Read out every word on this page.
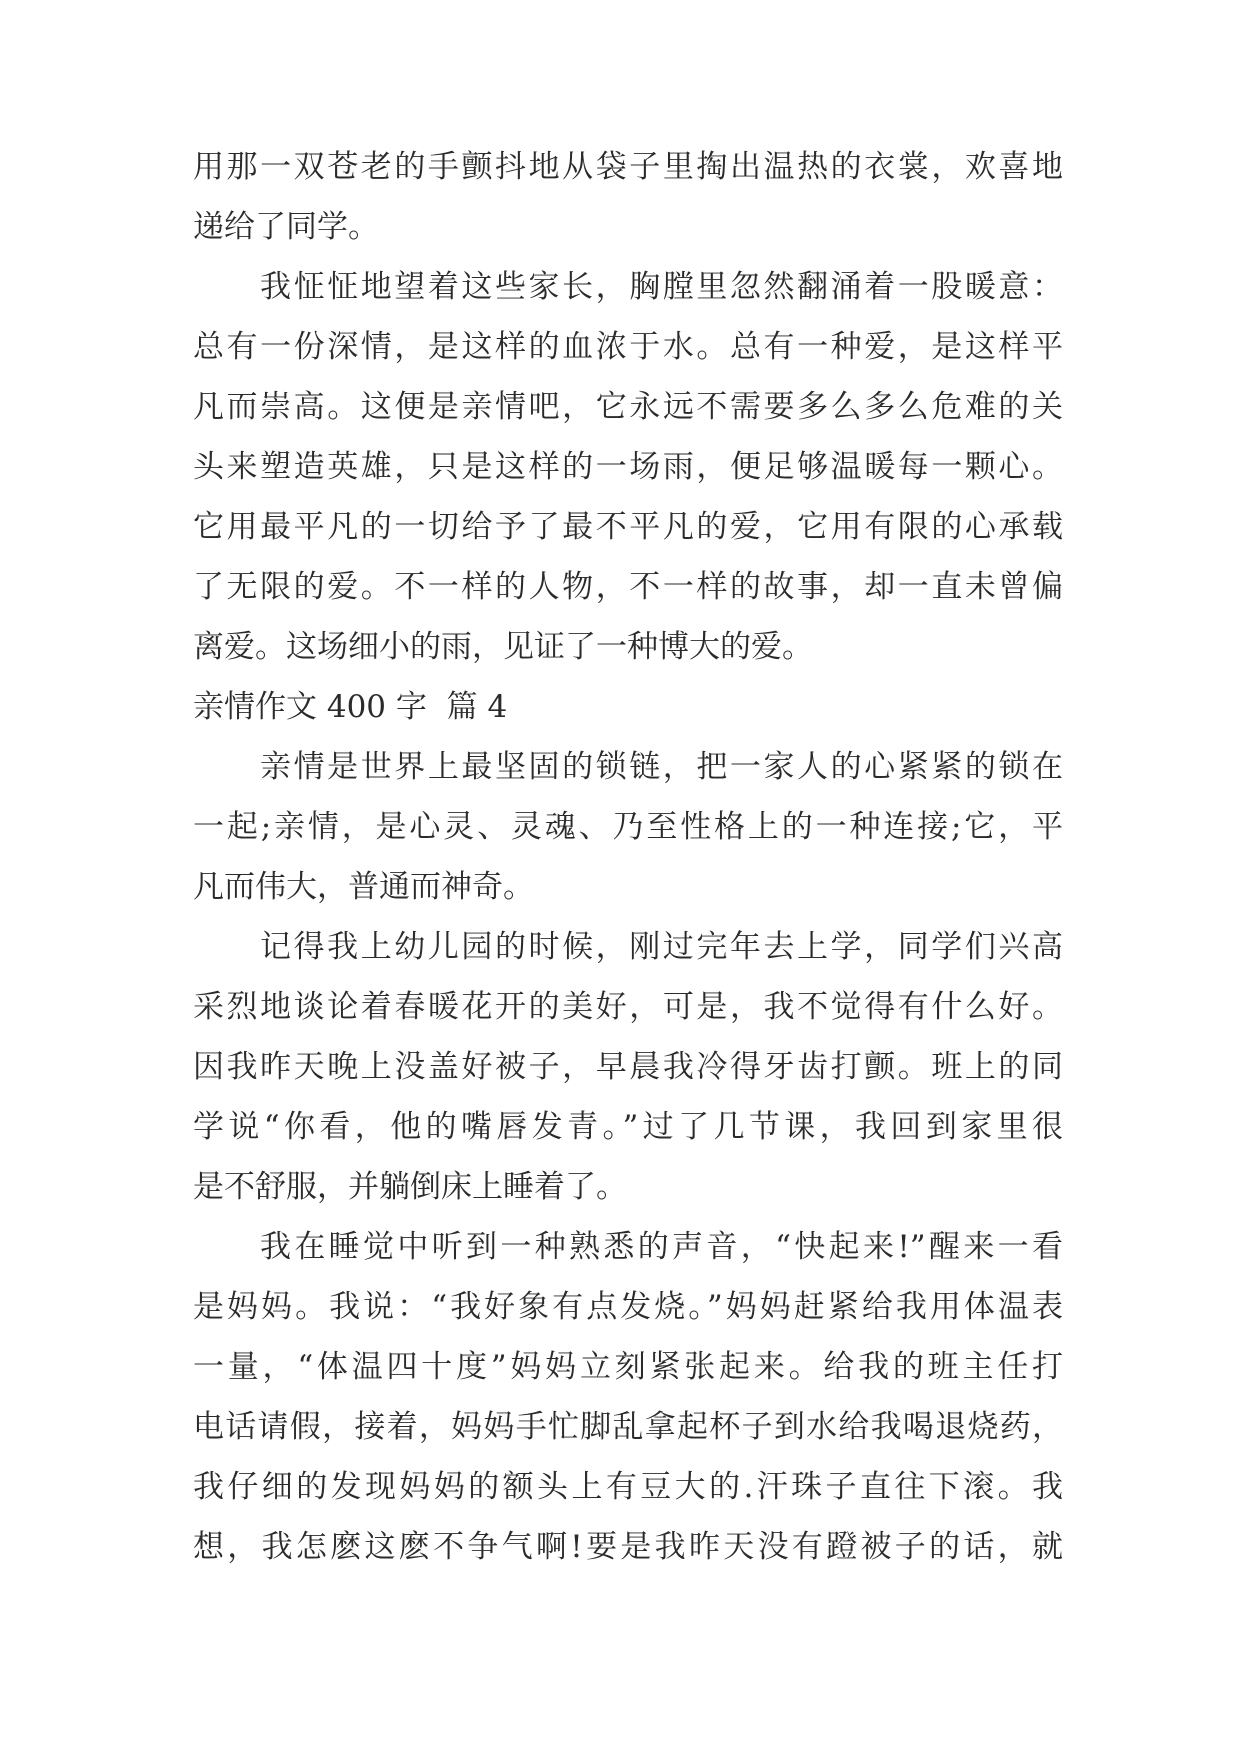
用那一双苍老的手颤抖地从袋子里掏出温热的衣裳，欢喜地
递给了同学。
我怔怔地望着这些家长，胸膛里忽然翻涌着一股暖意：
总有一份深情，是这样的血浓于水。总有一种爱，是这样平
凡而崇高。这便是亲情吧，它永远不需要多么多么危难的关
头来塑造英雄，只是这样的一场雨，便足够温暖每一颗心。
它用最平凡的一切给予了最不平凡的爱，它用有限的心承载
了无限的爱。不一样的人物，不一样的故事，却一直未曾偏
离爱。这场细小的雨，见证了一种博大的爱。
亲情作文 400 字  篇 4
亲情是世界上最坚固的锁链，把一家人的心紧紧的锁在
一起;亲情，是心灵、灵魂、乃至性格上的一种连接;它，平
凡而伟大，普通而神奇。
记得我上幼儿园的时候，刚过完年去上学，同学们兴高
采烈地谈论着春暖花开的美好，可是，我不觉得有什么好。
因我昨天晚上没盖好被子，早晨我冷得牙齿打颤。班上的同
学说“你看，他的嘴唇发青。”过了几节课，我回到家里很
是不舒服，并躺倒床上睡着了。
我在睡觉中听到一种熟悉的声音，“快起来!”醒来一看
是妈妈。我说：“我好象有点发烧。”妈妈赶紧给我用体温表
一量，“体温四十度”妈妈立刻紧张起来。给我的班主任打
电话请假，接着，妈妈手忙脚乱拿起杯子到水给我喝退烧药，
我仔细的发现妈妈的额头上有豆大的.汗珠子直往下滚。我
想，我怎麽这麽不争气啊!要是我昨天没有蹬被子的话，就
